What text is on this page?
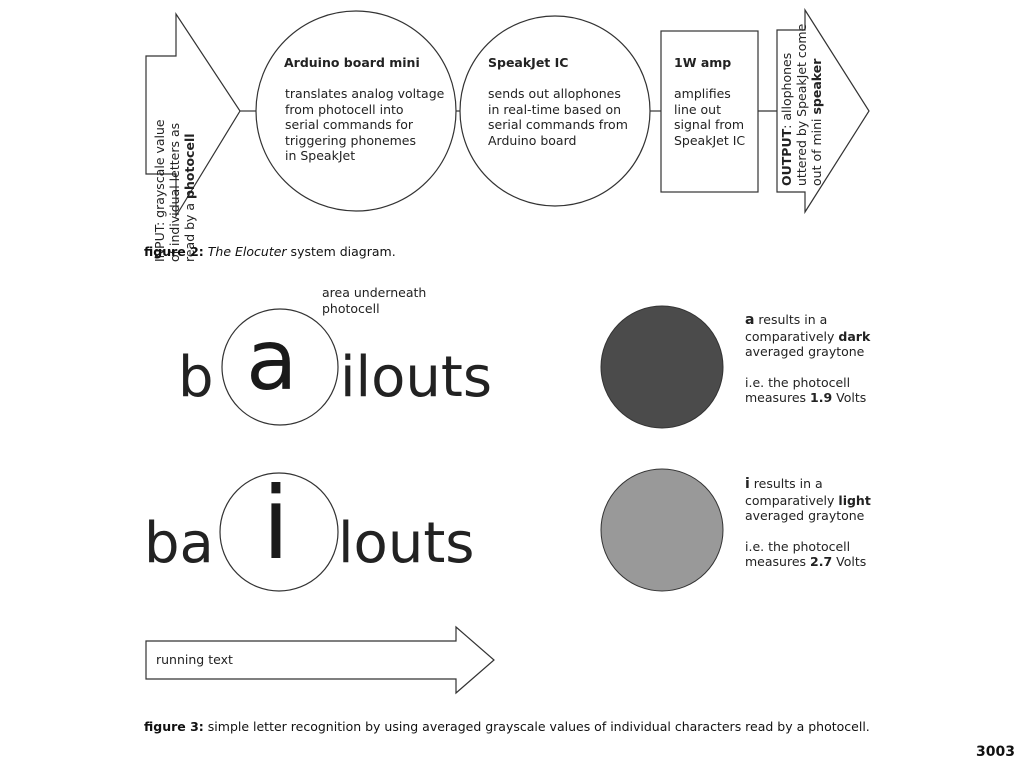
INPUT: grayscale value of individual letters as read by a photocell
Arduino board mini
translates analog voltage
from photocell into
serial commands for
triggering phonemes
in SpeakJet
SpeakJet IC
sends out allophones
in real-time based on
serial commands from
Arduino board
1W amp
amplifies
line out
signal from
SpeakJet IC	OUTPUT: allophones uttered by SpeakJet come out of mini speaker
figure 2: The Elocuter system diagram.
area underneath
photocell
b a ilouts
ba i louts
a results in a
comparatively dark
averaged graytone
i.e. the photocell
measures 1.9 Volts
i results in a
comparatively light
averaged graytone
i.e. the photocell
measures 2.7 Volts
running text
figure 3: simple letter recognition by using averaged grayscale values of individual characters read by a photocell.
3003
